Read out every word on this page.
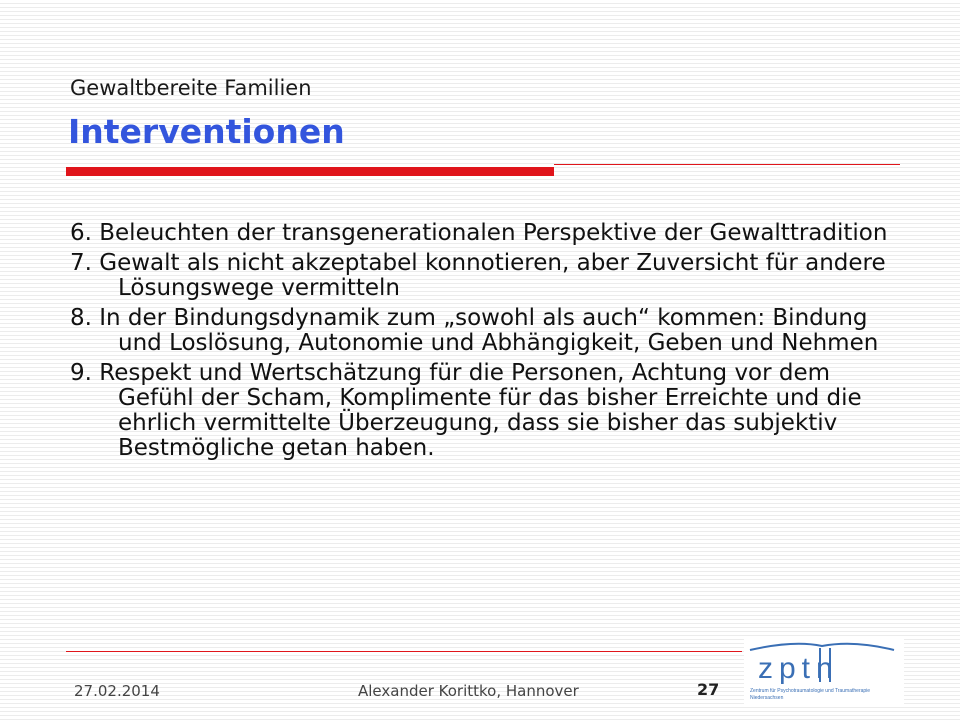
Gewaltbereite Familien
Interventionen
6. Beleuchten der transgenerationalen Perspektive der Gewalttradition
7. Gewalt als nicht akzeptabel konnotieren, aber Zuversicht für andere Lösungswege vermitteln
8. In der Bindungsdynamik zum „sowohl als auch“ kommen: Bindung und Loslösung, Autonomie und Abhängigkeit, Geben und Nehmen
9. Respekt und Wertschätzung für die Personen, Achtung vor dem Gefühl der Scham, Komplimente für das bisher Erreichte und die ehrlich vermittelte Überzeugung, dass sie bisher das subjektiv Bestmögliche getan haben.
27.02.2014	Alexander Korittko, Hannover	27
zptn
Zentrum für Psychotraumatologie und Traumatherapie
Niedersachsen
